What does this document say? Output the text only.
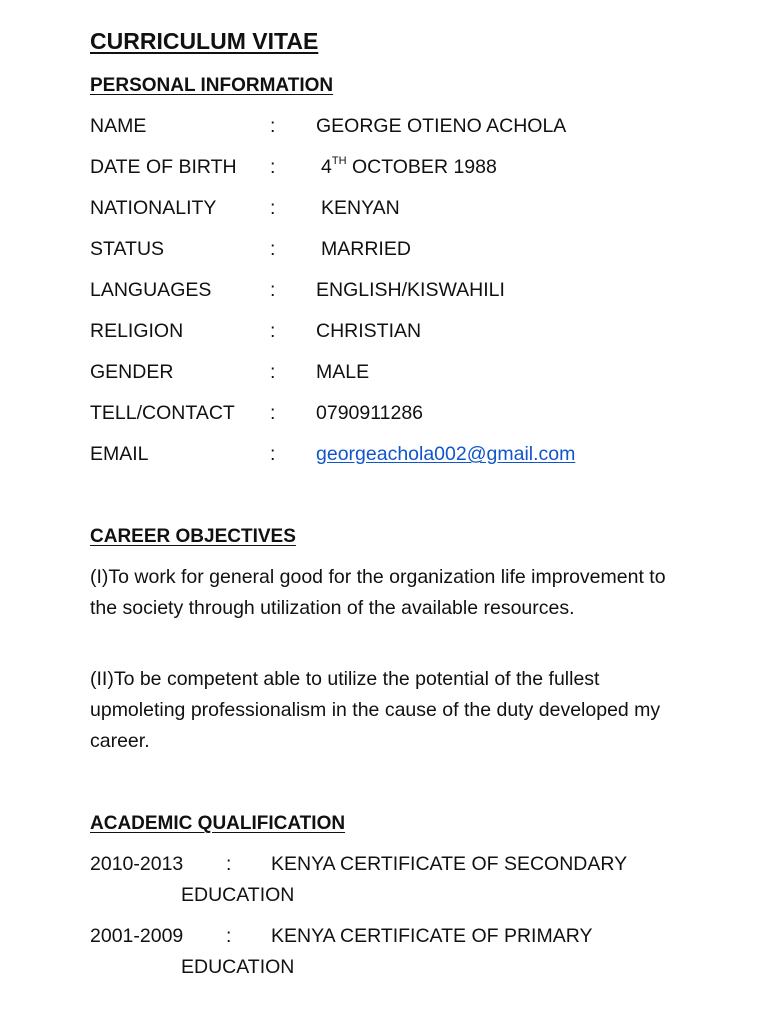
CURRICULUM VITAE
PERSONAL INFORMATION
NAME	: GEORGE OTIENO ACHOLA
DATE OF BIRTH : 4TH OCTOBER 1988
NATIONALITY	: KENYAN
STATUS	: MARRIED
LANGUAGES	: ENGLISH/KISWAHILI
RELIGION	: CHRISTIAN
GENDER	: MALE
TELL/CONTACT : 0790911286
EMAIL	: georgeachola002@gmail.com
CAREER OBJECTIVES
(I)To work for general good for the organization life improvement to the society through utilization of the available resources.
(II)To be competent able to utilize the potential of the fullest upmoleting professionalism in the cause of the duty developed my career.
ACADEMIC QUALIFICATION
2010-2013 : KENYA CERTIFICATE OF SECONDARY
EDUCATION
2001-2009 : KENYA CERTIFICATE OF PRIMARY
EDUCATION
